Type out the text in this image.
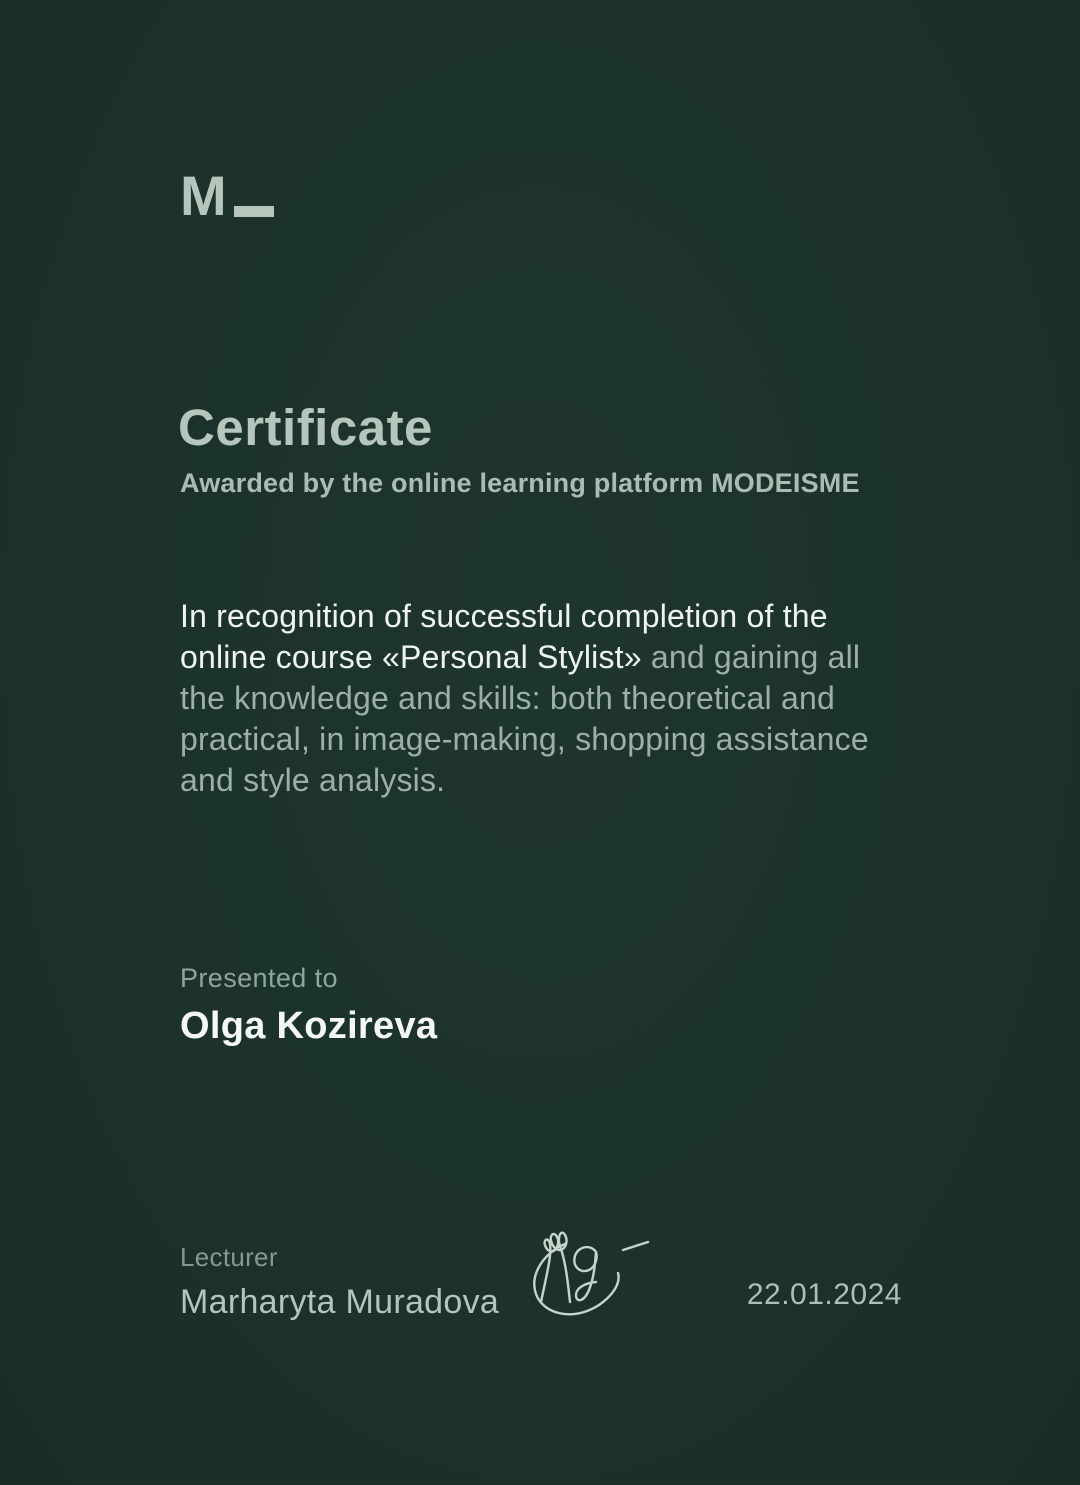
M
Certificate
Awarded by the online learning platform MODEISME

In recognition of successful completion of the online course «Personal Stylist» and gaining all the knowledge and skills: both theoretical and practical, in image-making, shopping assistance and style analysis.

Presented to
Olga Kozireva
Lecturer
Marharyta Muradova	22.01.2024
